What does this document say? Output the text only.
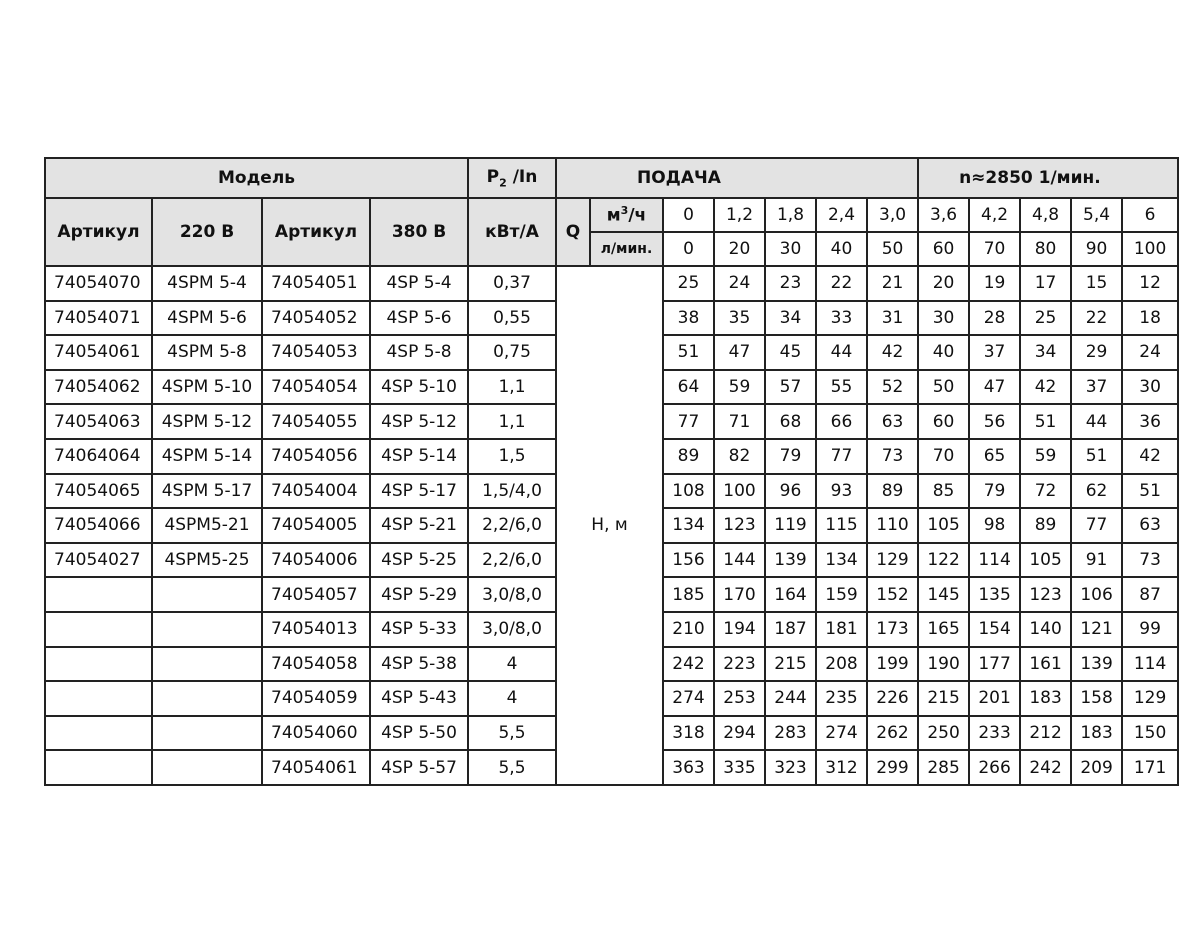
Модель				$P_2$ /In	ПОДАЧА							n≈2850 1/мин.				
Артикул	220 В	Артикул	380 В	кВт/А	Q	$м^3/ч$	0	1,2	1,8	2,4	3,0	3,6	4,2	4,8	5,4	6
						л/мин.	0	20	30	40	50	60	70	80	90	100
74054070	4SPM 5-4	74054051	4SP 5-4	0,37	H, м		25	24	23	22	21	20	19	17	15	12
74054071	4SPM 5-6	74054052	4SP 5-6	0,55			38	35	34	33	31	30	28	25	22	18
74054061	4SPM 5-8	74054053	4SP 5-8	0,75			51	47	45	44	42	40	37	34	29	24
74054062	4SPM 5-10	74054054	4SP 5-10	1,1			64	59	57	55	52	50	47	42	37	30
74054063	4SPM 5-12	74054055	4SP 5-12	1,1			77	71	68	66	63	60	56	51	44	36
74064064	4SPM 5-14	74054056	4SP 5-14	1,5			89	82	79	77	73	70	65	59	51	42
74054065	4SPM 5-17	74054004	4SP 5-17	1,5/4,0			108	100	96	93	89	85	79	72	62	51
74054066	4SPM5-21	74054005	4SP 5-21	2,2/6,0			134	123	119	115	110	105	98	89	77	63
74054027	4SPM5-25	74054006	4SP 5-25	2,2/6,0			156	144	139	134	129	122	114	105	91	73
		74054057	4SP 5-29	3,0/8,0			185	170	164	159	152	145	135	123	106	87
		74054013	4SP 5-33	3,0/8,0			210	194	187	181	173	165	154	140	121	99
		74054058	4SP 5-38	4			242	223	215	208	199	190	177	161	139	114
		74054059	4SP 5-43	4			274	253	244	235	226	215	201	183	158	129
		74054060	4SP 5-50	5,5			318	294	283	274	262	250	233	212	183	150
		74054061	4SP 5-57	5,5			363	335	323	312	299	285	266	242	209	171
